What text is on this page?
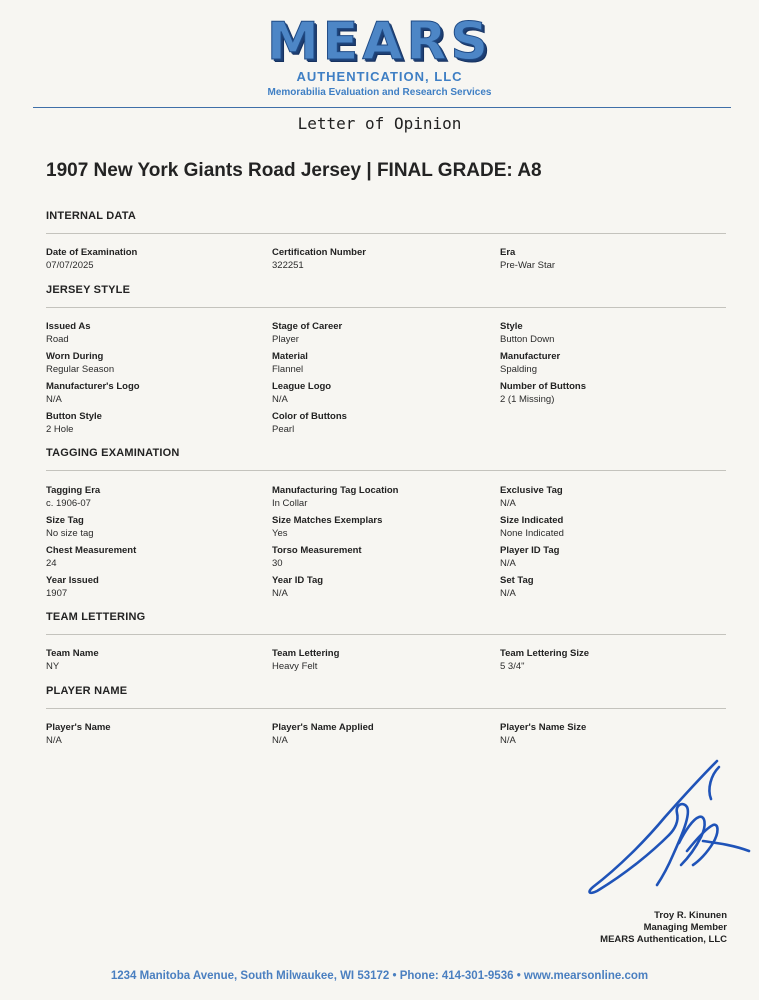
MEARS
AUTHENTICATION, LLC
Memorabilia Evaluation and Research Services
Letter of Opinion
1907 New York Giants Road Jersey | FINAL GRADE: A8
INTERNAL DATA
Date of Examination
07/07/2025
Certification Number
322251
Era
Pre-War Star
JERSEY STYLE
Issued As
Road
Stage of Career
Player
Style
Button Down
Worn During
Regular Season
Material
Flannel
Manufacturer
Spalding
Manufacturer's Logo
N/A
League Logo
N/A
Number of Buttons
2 (1 Missing)
Button Style
2 Hole
Color of Buttons
Pearl
TAGGING EXAMINATION
Tagging Era
c. 1906-07
Manufacturing Tag Location
In Collar
Exclusive Tag
N/A
Size Tag
No size tag
Size Matches Exemplars
Yes
Size Indicated
None Indicated
Chest Measurement
24
Torso Measurement
30
Player ID Tag
N/A
Year Issued
1907
Year ID Tag
N/A
Set Tag
N/A
TEAM LETTERING
Team Name
NY
Team Lettering
Heavy Felt
Team Lettering Size
5 3/4"
PLAYER NAME
Player's Name
N/A
Player's Name Applied
N/A
Player's Name Size
N/A
Troy R. Kinunen
Managing Member
MEARS Authentication, LLC
1234 Manitoba Avenue, South Milwaukee, WI 53172 • Phone: 414-301-9536 • www.mearsonline.com
